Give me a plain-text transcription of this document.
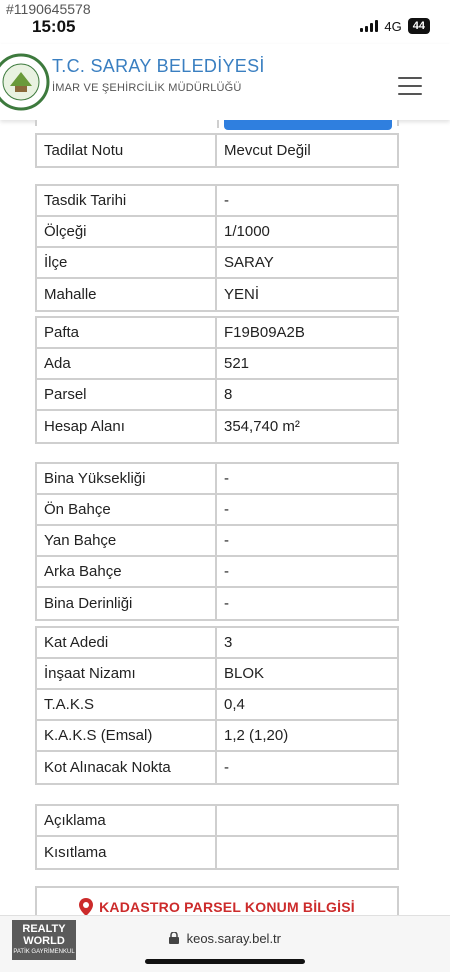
#1190645578
15:05	4G	44
T.C. SARAY BELEDİYESİ
İMAR VE ŞEHİRCİLİK MÜDÜRLÜĞÜ
Tadilat Notu	Mevcut Değil
Tasdik Tarihi	-
Ölçeği	1/1000
İlçe	SARAY
Mahalle	YENİ
Pafta	F19B09A2B
Ada	521
Parsel	8
Hesap Alanı	354,740 m²
Bina Yüksekliği	-
Ön Bahçe	-
Yan Bahçe	-
Arka Bahçe	-
Bina Derinliği	-
Kat Adedi	3
İnşaat Nizamı	BLOK
T.A.K.S	0,4
K.A.K.S (Emsal)	1,2 (1,20)
Kot Alınacak Nokta	-
Açıklama
Kısıtlama
KADASTRO PARSEL KONUM BİLGİSİ
REALTY
WORLD
PATİK GAYRİMENKUL
keos.saray.bel.tr
